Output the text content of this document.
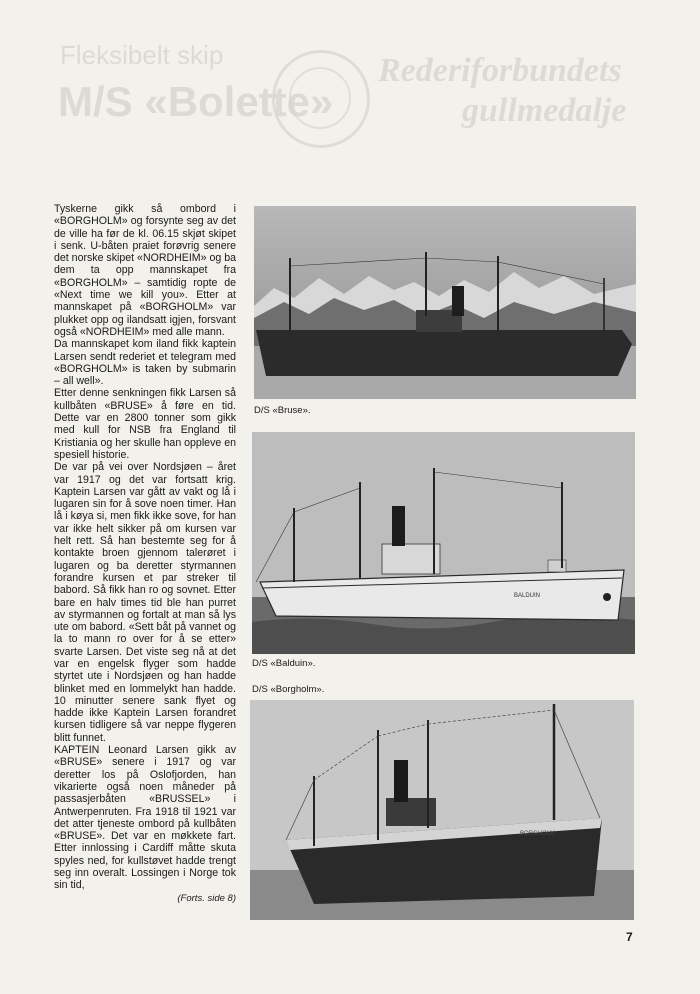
Fleksibelt skip
M/S «Bolette»
Rederiforbundets
gullmedalje

Tyskerne gikk så ombord i «BORGHOLM» og forsynte seg av det de ville ha før de kl. 06.15 skjøt skipet i senk. U-båten praiet forøvrig senere det norske skipet «NORDHEIM» og ba dem ta opp mannskapet fra «BORGHOLM» – samtidig ropte de «Next time we kill you». Etter at mannskapet på «BORGHOLM» var plukket opp og ilandsatt igjen, forsvant også «NORDHEIM» med alle mann.

Da mannskapet kom iland fikk kaptein Larsen sendt rederiet et telegram med «BORGHOLM» is taken by submarin – all well».

Etter denne senkningen fikk Larsen så kullbåten «BRUSE» å føre en tid. Dette var en 2800 tonner som gikk med kull for NSB fra England til Kristiania og her skulle han oppleve en spesiell historie.

De var på vei over Nordsjøen – året var 1917 og det var fortsatt krig. Kaptein Larsen var gått av vakt og lå i lugaren sin for å sove noen timer. Han lå i køya si, men fikk ikke sove, for han var ikke helt sikker på om kursen var helt rett. Så han bestemte seg for å kontakte broen gjennom talerøret i lugaren og ba deretter styrmannen forandre kursen et par streker til babord. Så fikk han ro og sovnet. Etter bare en halv times tid ble han purret av styrmannen og fortalt at man så lys ute om babord. «Sett båt på vannet og la to mann ro over for å se etter» svarte Larsen. Det viste seg nå at det var en engelsk flyger som hadde styrtet ute i Nordsjøen og han hadde blinket med en lommelykt han hadde. 10 minutter senere sank flyet og hadde ikke Kaptein Larsen forandret kursen tidligere så var neppe flygeren blitt funnet.

KAPTEIN Leonard Larsen gikk av «BRUSE» senere i 1917 og var deretter los på Oslofjorden, han vikarierte også noen måneder på passasjerbåten «BRUSSEL» i Antwerpenruten. Fra 1918 til 1921 var det atter tjeneste ombord på kullbåten «BRUSE». Det var en møkkete fart. Etter innlossing i Cardiff måtte skuta spyles ned, for kullstøvet hadde trengt seg inn overalt. Lossingen i Norge tok sin tid,

(Forts. side 8)

D/S «Bruse».
BALDUIN
D/S «Balduin».
D/S «Borgholm».
BORGHOLM
7
